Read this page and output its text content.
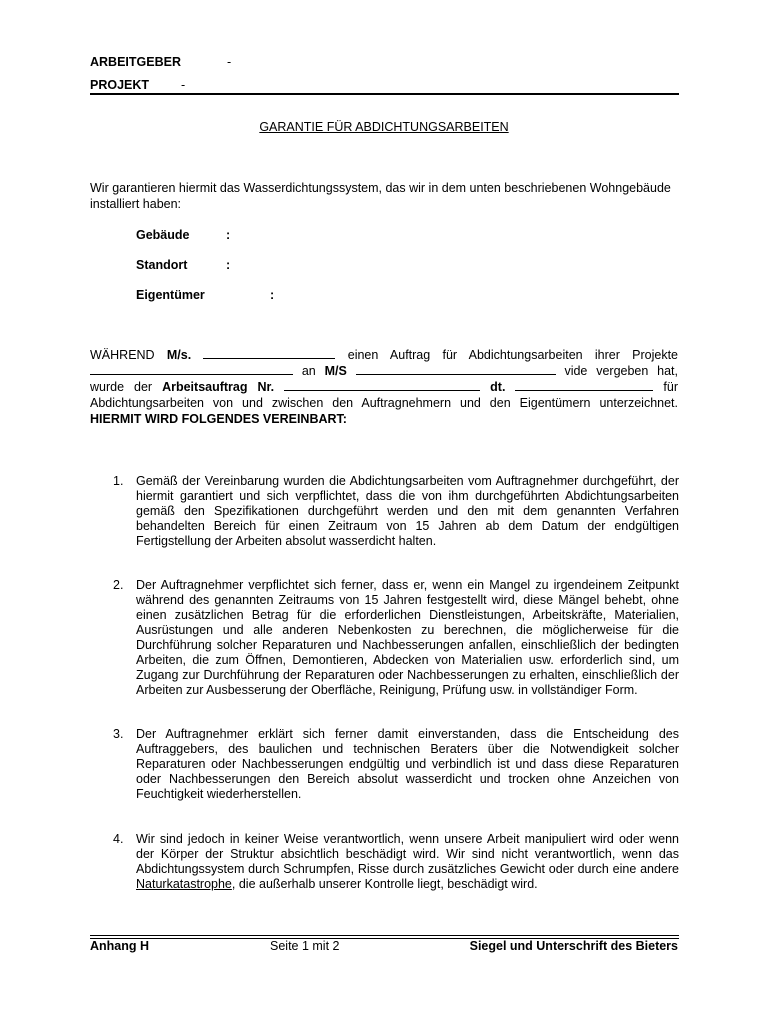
ARBEITGEBER	-
PROJEKT	-
GARANTIE FÜR ABDICHTUNGSARBEITEN
Wir garantieren hiermit das Wasserdichtungssystem, das wir in dem unten beschriebenen Wohngebäude installiert haben:
Gebäude	:
Standort	:
Eigentümer	:
WÄHREND M/s.	einen Auftrag für Abdichtungsarbeiten ihrer Projekte
an M/S	vide vergeben hat,
wurde der Arbeitsauftrag Nr.	dt.	für
Abdichtungsarbeiten von und zwischen den Auftragnehmern und den Eigentümern unterzeichnet.
HIERMIT WIRD FOLGENDES VEREINBART:
1. Gemäß der Vereinbarung wurden die Abdichtungsarbeiten vom Auftragnehmer durchgeführt, der hiermit garantiert und sich verpflichtet, dass die von ihm durchgeführten Abdichtungsarbeiten gemäß den Spezifikationen durchgeführt werden und den mit dem genannten Verfahren behandelten Bereich für einen Zeitraum von 15 Jahren ab dem Datum der endgültigen Fertigstellung der Arbeiten absolut wasserdicht halten.
2. Der Auftragnehmer verpflichtet sich ferner, dass er, wenn ein Mangel zu irgendeinem Zeitpunkt während des genannten Zeitraums von 15 Jahren festgestellt wird, diese Mängel behebt, ohne einen zusätzlichen Betrag für die erforderlichen Dienstleistungen, Arbeitskräfte, Materialien, Ausrüstungen und alle anderen Nebenkosten zu berechnen, die möglicherweise für die Durchführung solcher Reparaturen und Nachbesserungen anfallen, einschließlich der bedingten Arbeiten, die zum Öffnen, Demontieren, Abdecken von Materialien usw. erforderlich sind, um Zugang zur Durchführung der Reparaturen oder Nachbesserungen zu erhalten, einschließlich der Arbeiten zur Ausbesserung der Oberfläche, Reinigung, Prüfung usw. in vollständiger Form.
3. Der Auftragnehmer erklärt sich ferner damit einverstanden, dass die Entscheidung des Auftraggebers, des baulichen und technischen Beraters über die Notwendigkeit solcher Reparaturen oder Nachbesserungen endgültig und verbindlich ist und dass diese Reparaturen oder Nachbesserungen den Bereich absolut wasserdicht und trocken ohne Anzeichen von Feuchtigkeit wiederherstellen.
4. Wir sind jedoch in keiner Weise verantwortlich, wenn unsere Arbeit manipuliert wird oder wenn der Körper der Struktur absichtlich beschädigt wird. Wir sind nicht verantwortlich, wenn das Abdichtungssystem durch Schrumpfen, Risse durch zusätzliches Gewicht oder durch eine andere Naturkatastrophe, die außerhalb unserer Kontrolle liegt, beschädigt wird.
Anhang H	Seite 1 mit 2	Siegel und Unterschrift des Bieters
